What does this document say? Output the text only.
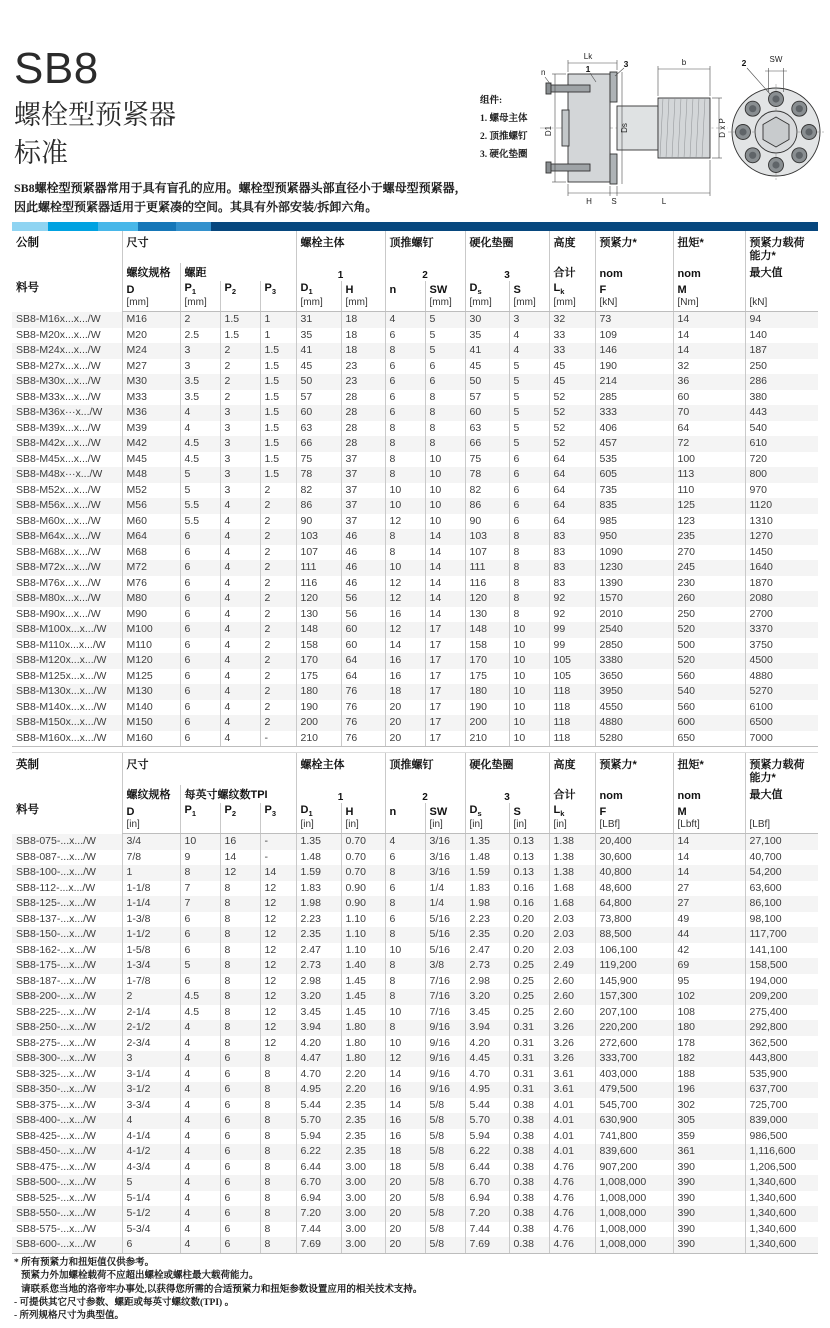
SB8
螺栓型预紧器
标准
SB8螺栓型预紧器常用于具有盲孔的应用。螺栓型预紧器头部直径小于螺母型预紧器，
因此螺栓型预紧器适用于更紧凑的空间。其具有外部安装/拆卸六角。
组件:
1. 螺母主体
2. 顶推螺钉
3. 硬化垫圈
Lk
1	3
n
b
D1	Ds	D x P
H S	L
SW
2
公制	尺寸				螺栓主体		顶推螺钉		硬化垫圈		高度	预紧力*	扭矩*	预紧力载荷能力*
料号	螺纹规格	螺距			1		2		3		合计	nom	nom	最大值
	D	$P_1$	$P_2$	$P_3$	$D_1$	H	n	SW	$D_s$	S	$L_k$	F	M	
	[mm]	[mm]			[mm]	[mm]		[mm]	[mm]	[mm]	[mm]	[kN]	[Nm]	[kN]
SB8-M16x...x.../W	M16	2	1.5	1	31	18	4	5	30	3	32	73	14	94
SB8-M20x...x.../W	M20	2.5	1.5	1	35	18	6	5	35	4	33	109	14	140
SB8-M24x...x.../W	M24	3	2	1.5	41	18	8	5	41	4	33	146	14	187
SB8-M27x...x.../W	M27	3	2	1.5	45	23	6	6	45	5	45	190	32	250
SB8-M30x...x.../W	M30	3.5	2	1.5	50	23	6	6	50	5	45	214	36	286
SB8-M33x...x.../W	M33	3.5	2	1.5	57	28	6	8	57	5	52	285	60	380
SB8-M36x···x.../W	M36	4	3	1.5	60	28	6	8	60	5	52	333	70	443
SB8-M39x...x.../W	M39	4	3	1.5	63	28	8	8	63	5	52	406	64	540
SB8-M42x...x.../W	M42	4.5	3	1.5	66	28	8	8	66	5	52	457	72	610
SB8-M45x...x.../W	M45	4.5	3	1.5	75	37	8	10	75	6	64	535	100	720
SB8-M48x···x.../W	M48	5	3	1.5	78	37	8	10	78	6	64	605	113	800
SB8-M52x...x.../W	M52	5	3	2	82	37	10	10	82	6	64	735	110	970
SB8-M56x...x.../W	M56	5.5	4	2	86	37	10	10	86	6	64	835	125	1120
SB8-M60x...x.../W	M60	5.5	4	2	90	37	12	10	90	6	64	985	123	1310
SB8-M64x...x.../W	M64	6	4	2	103	46	8	14	103	8	83	950	235	1270
SB8-M68x...x.../W	M68	6	4	2	107	46	8	14	107	8	83	1090	270	1450
SB8-M72x...x.../W	M72	6	4	2	111	46	10	14	111	8	83	1230	245	1640
SB8-M76x...x.../W	M76	6	4	2	116	46	12	14	116	8	83	1390	230	1870
SB8-M80x...x.../W	M80	6	4	2	120	56	12	14	120	8	92	1570	260	2080
SB8-M90x...x.../W	M90	6	4	2	130	56	16	14	130	8	92	2010	250	2700
SB8-M100x...x.../W	M100	6	4	2	148	60	12	17	148	10	99	2540	520	3370
SB8-M110x...x.../W	M110	6	4	2	158	60	14	17	158	10	99	2850	500	3750
SB8-M120x...x.../W	M120	6	4	2	170	64	16	17	170	10	105	3380	520	4500
SB8-M125x...x.../W	M125	6	4	2	175	64	16	17	175	10	105	3650	560	4880
SB8-M130x...x.../W	M130	6	4	2	180	76	18	17	180	10	118	3950	540	5270
SB8-M140x...x.../W	M140	6	4	2	190	76	20	17	190	10	118	4550	560	6100
SB8-M150x...x.../W	M150	6	4	2	200	76	20	17	200	10	118	4880	600	6500
SB8-M160x...x.../W	M160	6	4	-	210	76	20	17	210	10	118	5280	650	7000
英制	尺寸				螺栓主体		顶推螺钉		硬化垫圈		高度	预紧力*	扭矩*	预紧力载荷能力*
料号	螺纹规格	每英寸螺纹数TPI			1		2		3		合计	nom	nom	最大值
	D	$P_1$	$P_2$	$P_3$	$D_1$	H	n	SW	$D_s$	S	$L_k$	F	M	
	[in]				[in]	[in]		[in]	[in]	[in]	[in]	[LBf]	[Lbft]	[LBf]
SB8-075-...x.../W	3/4	10	16	-	1.35	0.70	4	3/16	1.35	0.13	1.38	20,400	14	27,100
SB8-087-...x.../W	7/8	9	14	-	1.48	0.70	6	3/16	1.48	0.13	1.38	30,600	14	40,700
SB8-100-...x.../W	1	8	12	14	1.59	0.70	8	3/16	1.59	0.13	1.38	40,800	14	54,200
SB8-112-...x.../W	1-1/8	7	8	12	1.83	0.90	6	1/4	1.83	0.16	1.68	48,600	27	63,600
SB8-125-...x.../W	1-1/4	7	8	12	1.98	0.90	8	1/4	1.98	0.16	1.68	64,800	27	86,100
SB8-137-...x.../W	1-3/8	6	8	12	2.23	1.10	6	5/16	2.23	0.20	2.03	73,800	49	98,100
SB8-150-...x.../W	1-1/2	6	8	12	2.35	1.10	8	5/16	2.35	0.20	2.03	88,500	44	117,700
SB8-162-...x.../W	1-5/8	6	8	12	2.47	1.10	10	5/16	2.47	0.20	2.03	106,100	42	141,100
SB8-175-...x.../W	1-3/4	5	8	12	2.73	1.40	8	3/8	2.73	0.25	2.49	119,200	69	158,500
SB8-187-...x.../W	1-7/8	6	8	12	2.98	1.45	8	7/16	2.98	0.25	2.60	145,900	95	194,000
SB8-200-...x.../W	2	4.5	8	12	3.20	1.45	8	7/16	3.20	0.25	2.60	157,300	102	209,200
SB8-225-...x.../W	2-1/4	4.5	8	12	3.45	1.45	10	7/16	3.45	0.25	2.60	207,100	108	275,400
SB8-250-...x.../W	2-1/2	4	8	12	3.94	1.80	8	9/16	3.94	0.31	3.26	220,200	180	292,800
SB8-275-...x.../W	2-3/4	4	8	12	4.20	1.80	10	9/16	4.20	0.31	3.26	272,600	178	362,500
SB8-300-...x.../W	3	4	6	8	4.47	1.80	12	9/16	4.45	0.31	3.26	333,700	182	443,800
SB8-325-...x.../W	3-1/4	4	6	8	4.70	2.20	14	9/16	4.70	0.31	3.61	403,000	188	535,900
SB8-350-...x.../W	3-1/2	4	6	8	4.95	2.20	16	9/16	4.95	0.31	3.61	479,500	196	637,700
SB8-375-...x.../W	3-3/4	4	6	8	5.44	2.35	14	5/8	5.44	0.38	4.01	545,700	302	725,700
SB8-400-...x.../W	4	4	6	8	5.70	2.35	16	5/8	5.70	0.38	4.01	630,900	305	839,000
SB8-425-...x.../W	4-1/4	4	6	8	5.94	2.35	16	5/8	5.94	0.38	4.01	741,800	359	986,500
SB8-450-...x.../W	4-1/2	4	6	8	6.22	2.35	18	5/8	6.22	0.38	4.01	839,600	361	1,116,600
SB8-475-...x.../W	4-3/4	4	6	8	6.44	3.00	18	5/8	6.44	0.38	4.76	907,200	390	1,206,500
SB8-500-...x.../W	5	4	6	8	6.70	3.00	20	5/8	6.70	0.38	4.76	1,008,000	390	1,340,600
SB8-525-...x.../W	5-1/4	4	6	8	6.94	3.00	20	5/8	6.94	0.38	4.76	1,008,000	390	1,340,600
SB8-550-...x.../W	5-1/2	4	6	8	7.20	3.00	20	5/8	7.20	0.38	4.76	1,008,000	390	1,340,600
SB8-575-...x.../W	5-3/4	4	6	8	7.44	3.00	20	5/8	7.44	0.38	4.76	1,008,000	390	1,340,600
SB8-600-...x.../W	6	4	6	8	7.69	3.00	20	5/8	7.69	0.38	4.76	1,008,000	390	1,340,600
* 所有预紧力和扭矩值仅供参考。
预紧力外加螺栓载荷不应超出螺栓或螺柱最大载荷能力。
请联系您当地的洛帝牢办事处,以获得您所需的合适预紧力和扭矩参数设置应用的相关技术支持。
- 可提供其它尺寸参数、螺距或每英寸螺纹数(TPI) 。
- 所列规格尺寸为典型值。
